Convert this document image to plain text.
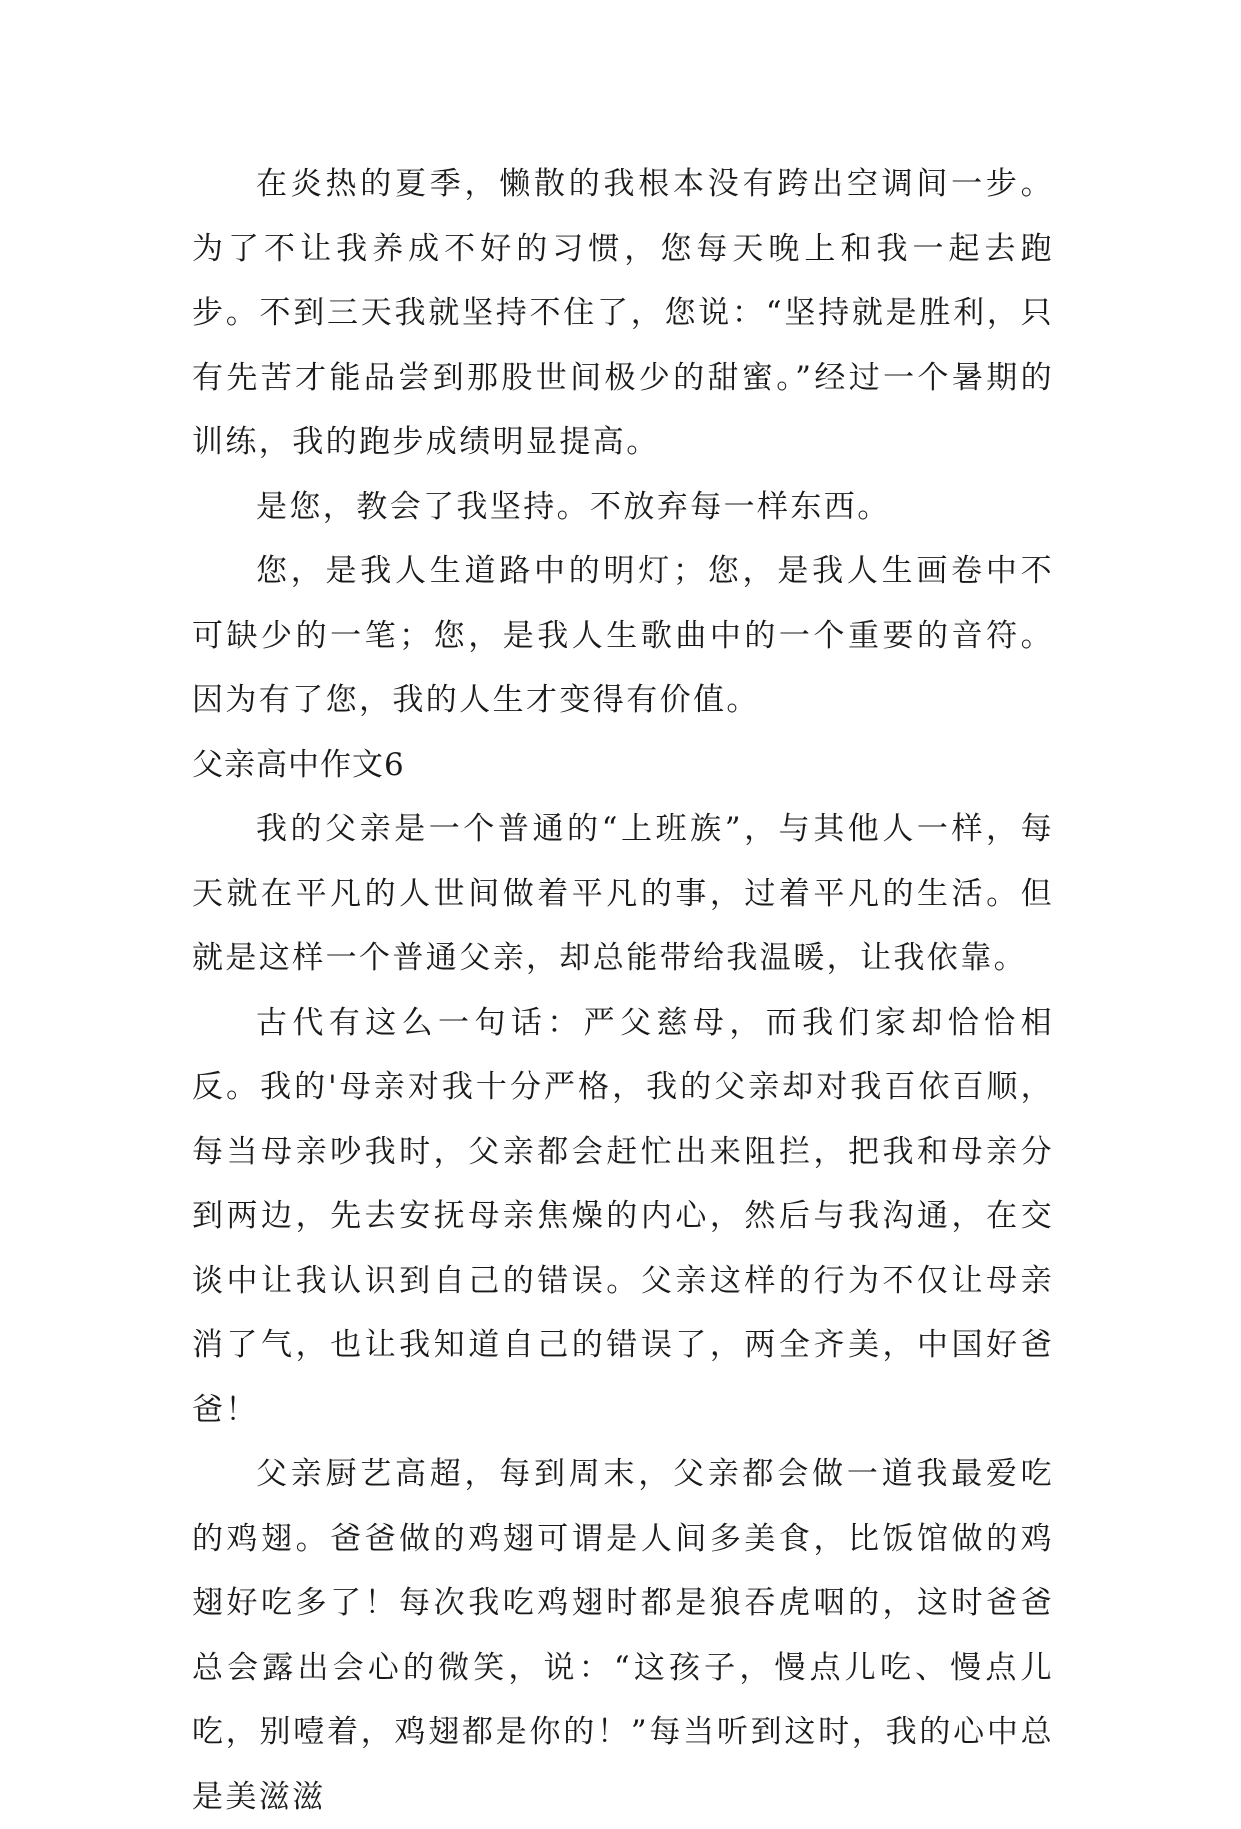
在炎热的夏季，懒散的我根本没有跨出空调间一步。为了不让我养成不好的习惯，您每天晚上和我一起去跑步。不到三天我就坚持不住了，您说：“坚持就是胜利，只有先苦才能品尝到那股世间极少的甜蜜。”经过一个暑期的训练，我的跑步成绩明显提高。

是您，教会了我坚持。不放弃每一样东西。

您，是我人生道路中的明灯；您，是我人生画卷中不可缺少的一笔；您，是我人生歌曲中的一个重要的音符。因为有了您，我的人生才变得有价值。

父亲高中作文6

我的父亲是一个普通的“上班族”，与其他人一样，每天就在平凡的人世间做着平凡的事，过着平凡的生活。但就是这样一个普通父亲，却总能带给我温暖，让我依靠。

古代有这么一句话：严父慈母，而我们家却恰恰相反。我的'母亲对我十分严格，我的父亲却对我百依百顺，每当母亲吵我时，父亲都会赶忙出来阻拦，把我和母亲分到两边，先去安抚母亲焦燥的内心，然后与我沟通，在交谈中让我认识到自己的错误。父亲这样的行为不仅让母亲消了气，也让我知道自己的错误了，两全齐美，中国好爸爸！

父亲厨艺高超，每到周末，父亲都会做一道我最爱吃的鸡翅。爸爸做的鸡翅可谓是人间多美食，比饭馆做的鸡翅好吃多了！每次我吃鸡翅时都是狼吞虎咽的，这时爸爸总会露出会心的微笑，说：“这孩子，慢点儿吃、慢点儿吃，别噎着，鸡翅都是你的！”每当听到这时，我的心中总是美滋滋
